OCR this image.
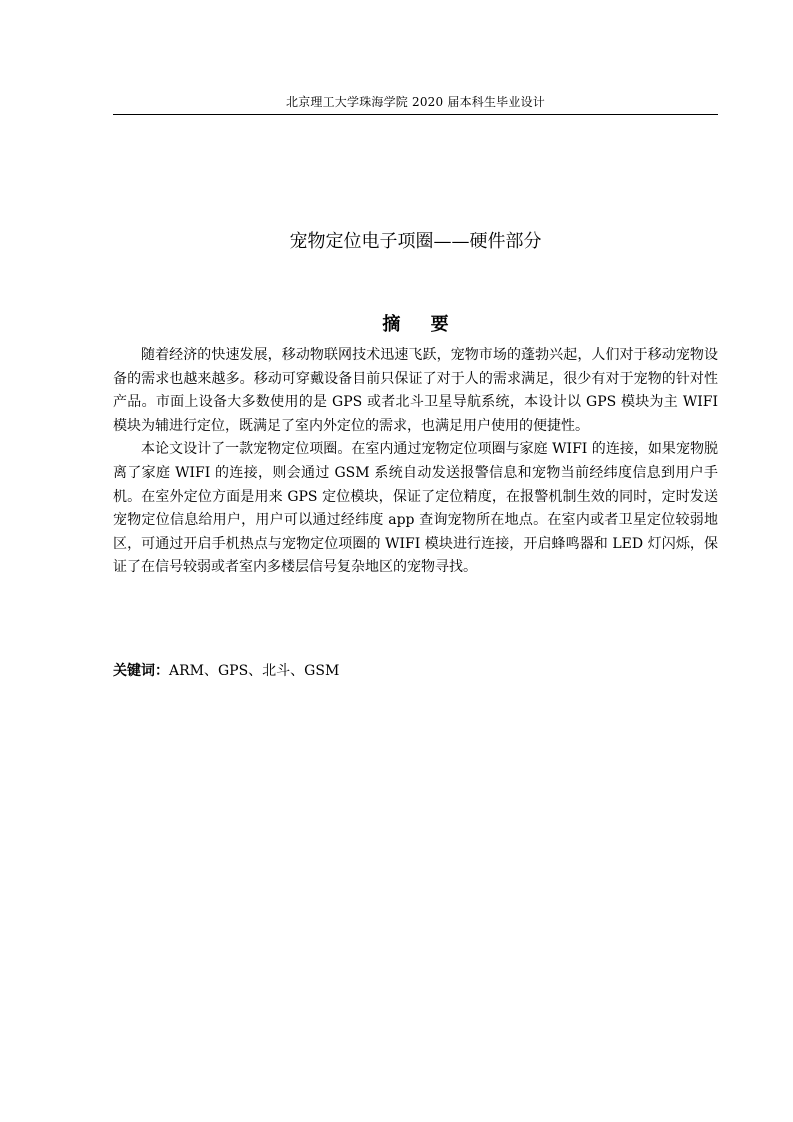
北京理工大学珠海学院 2020 届本科生毕业设计
宠物定位电子项圈——硬件部分
摘 要

随着经济的快速发展，移动物联网技术迅速飞跃，宠物市场的蓬勃兴起，人们对于移动宠物设备的需求也越来越多。移动可穿戴设备目前只保证了对于人的需求满足，很少有对于宠物的针对性产品。市面上设备大多数使用的是 GPS 或者北斗卫星导航系统，本设计以 GPS 模块为主 WIFI 模块为辅进行定位，既满足了室内外定位的需求，也满足用户使用的便捷性。

本论文设计了一款宠物定位项圈。在室内通过宠物定位项圈与家庭 WIFI 的连接，如果宠物脱离了家庭 WIFI 的连接，则会通过 GSM 系统自动发送报警信息和宠物当前经纬度信息到用户手机。在室外定位方面是用来 GPS 定位模块，保证了定位精度，在报警机制生效的同时，定时发送宠物定位信息给用户，用户可以通过经纬度 app 查询宠物所在地点。在室内或者卫星定位较弱地区，可通过开启手机热点与宠物定位项圈的 WIFI 模块进行连接，开启蜂鸣器和 LED 灯闪烁，保证了在信号较弱或者室内多楼层信号复杂地区的宠物寻找。

关键词：ARM、GPS、北斗、GSM
